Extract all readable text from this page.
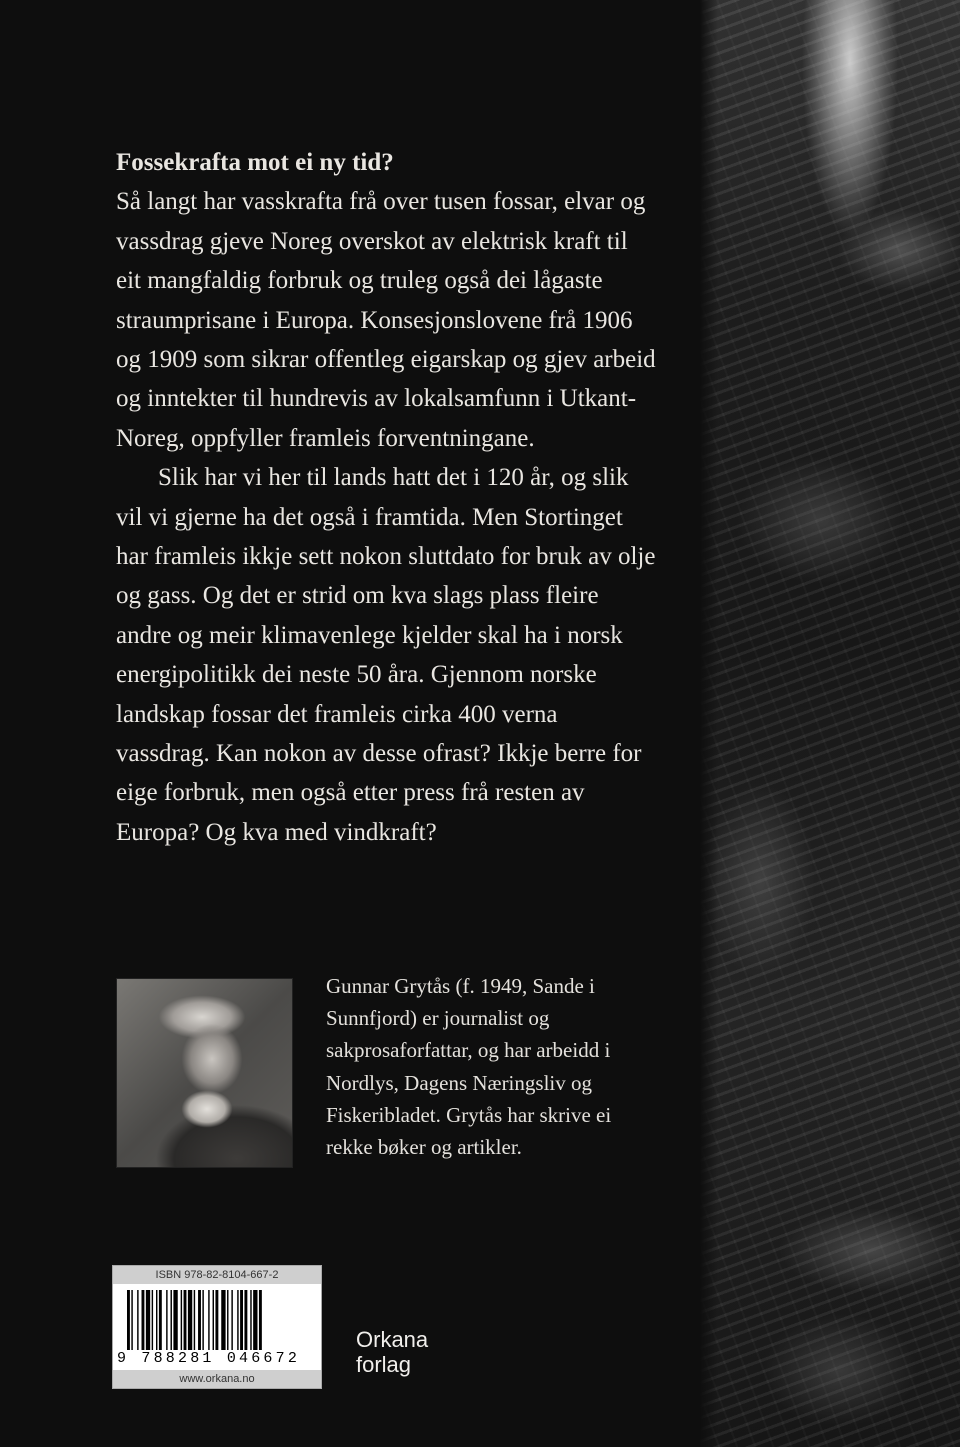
Fossekrafta mot ei ny tid?

Så langt har vasskrafta frå over tusen fossar, elvar og vassdrag gjeve Noreg overskot av elektrisk kraft til eit mangfaldig forbruk og truleg også dei lågaste straumprisane i Europa. Konsesjonslovene frå 1906 og 1909 som sikrar offentleg eigarskap og gjev arbeid og inntekter til hundrevis av lokalsamfunn i Utkant-Noreg, oppfyller framleis forventningane.

Slik har vi her til lands hatt det i 120 år, og slik vil vi gjerne ha det også i framtida. Men Stortinget har framleis ikkje sett nokon sluttdato for bruk av olje og gass. Og det er strid om kva slags plass fleire andre og meir klimavenlege kjelder skal ha i norsk energipolitikk dei neste 50 åra. Gjennom norske landskap fossar det framleis cirka 400 verna vassdrag. Kan nokon av desse ofrast? Ikkje berre for eige forbruk, men også etter press frå resten av Europa? Og kva med vindkraft?

Gunnar Grytås (f. 1949, Sande i Sunnfjord) er journalist og sakprosaforfattar, og har arbeidd i Nordlys, Dagens Næringsliv og Fiskeribladet. Grytås har skrive ei rekke bøker og artikler.

ISBN 978-82-8104-667-2
9 788281 046672
www.orkana.no
Orkana
forlag
